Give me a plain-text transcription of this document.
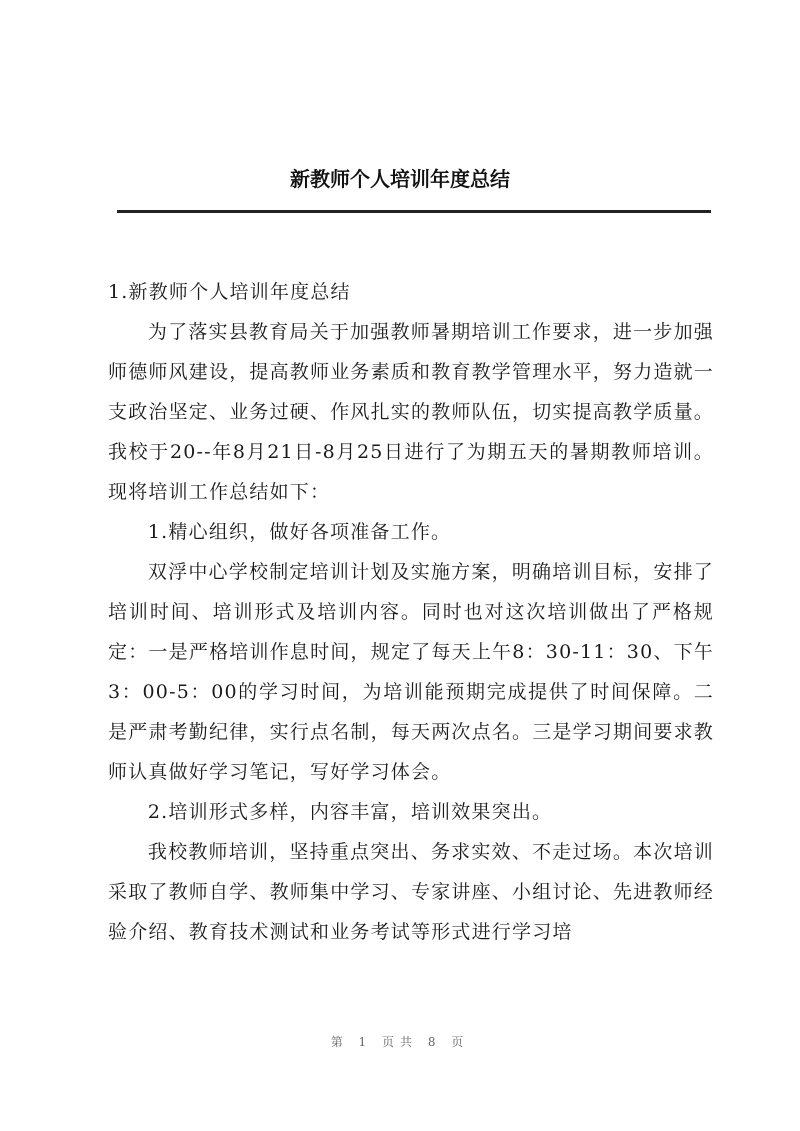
新教师个人培训年度总结

1.新教师个人培训年度总结

为了落实县教育局关于加强教师暑期培训工作要求，进一步加强师德师风建设，提高教师业务素质和教育教学管理水平，努力造就一支政治坚定、业务过硬、作风扎实的教师队伍，切实提高教学质量。我校于20--年8月21日-8月25日进行了为期五天的暑期教师培训。现将培训工作总结如下：

1.精心组织，做好各项准备工作。

双浮中心学校制定培训计划及实施方案，明确培训目标，安排了培训时间、培训形式及培训内容。同时也对这次培训做出了严格规定：一是严格培训作息时间，规定了每天上午8：30-11：30、下午3：00-5：00的学习时间，为培训能预期完成提供了时间保障。二是严肃考勤纪律，实行点名制，每天两次点名。三是学习期间要求教师认真做好学习笔记，写好学习体会。

2.培训形式多样，内容丰富，培训效果突出。

我校教师培训，坚持重点突出、务求实效、不走过场。本次培训采取了教师自学、教师集中学习、专家讲座、小组讨论、先进教师经验介绍、教育技术测试和业务考试等形式进行学习培

第 1 页共 8 页
